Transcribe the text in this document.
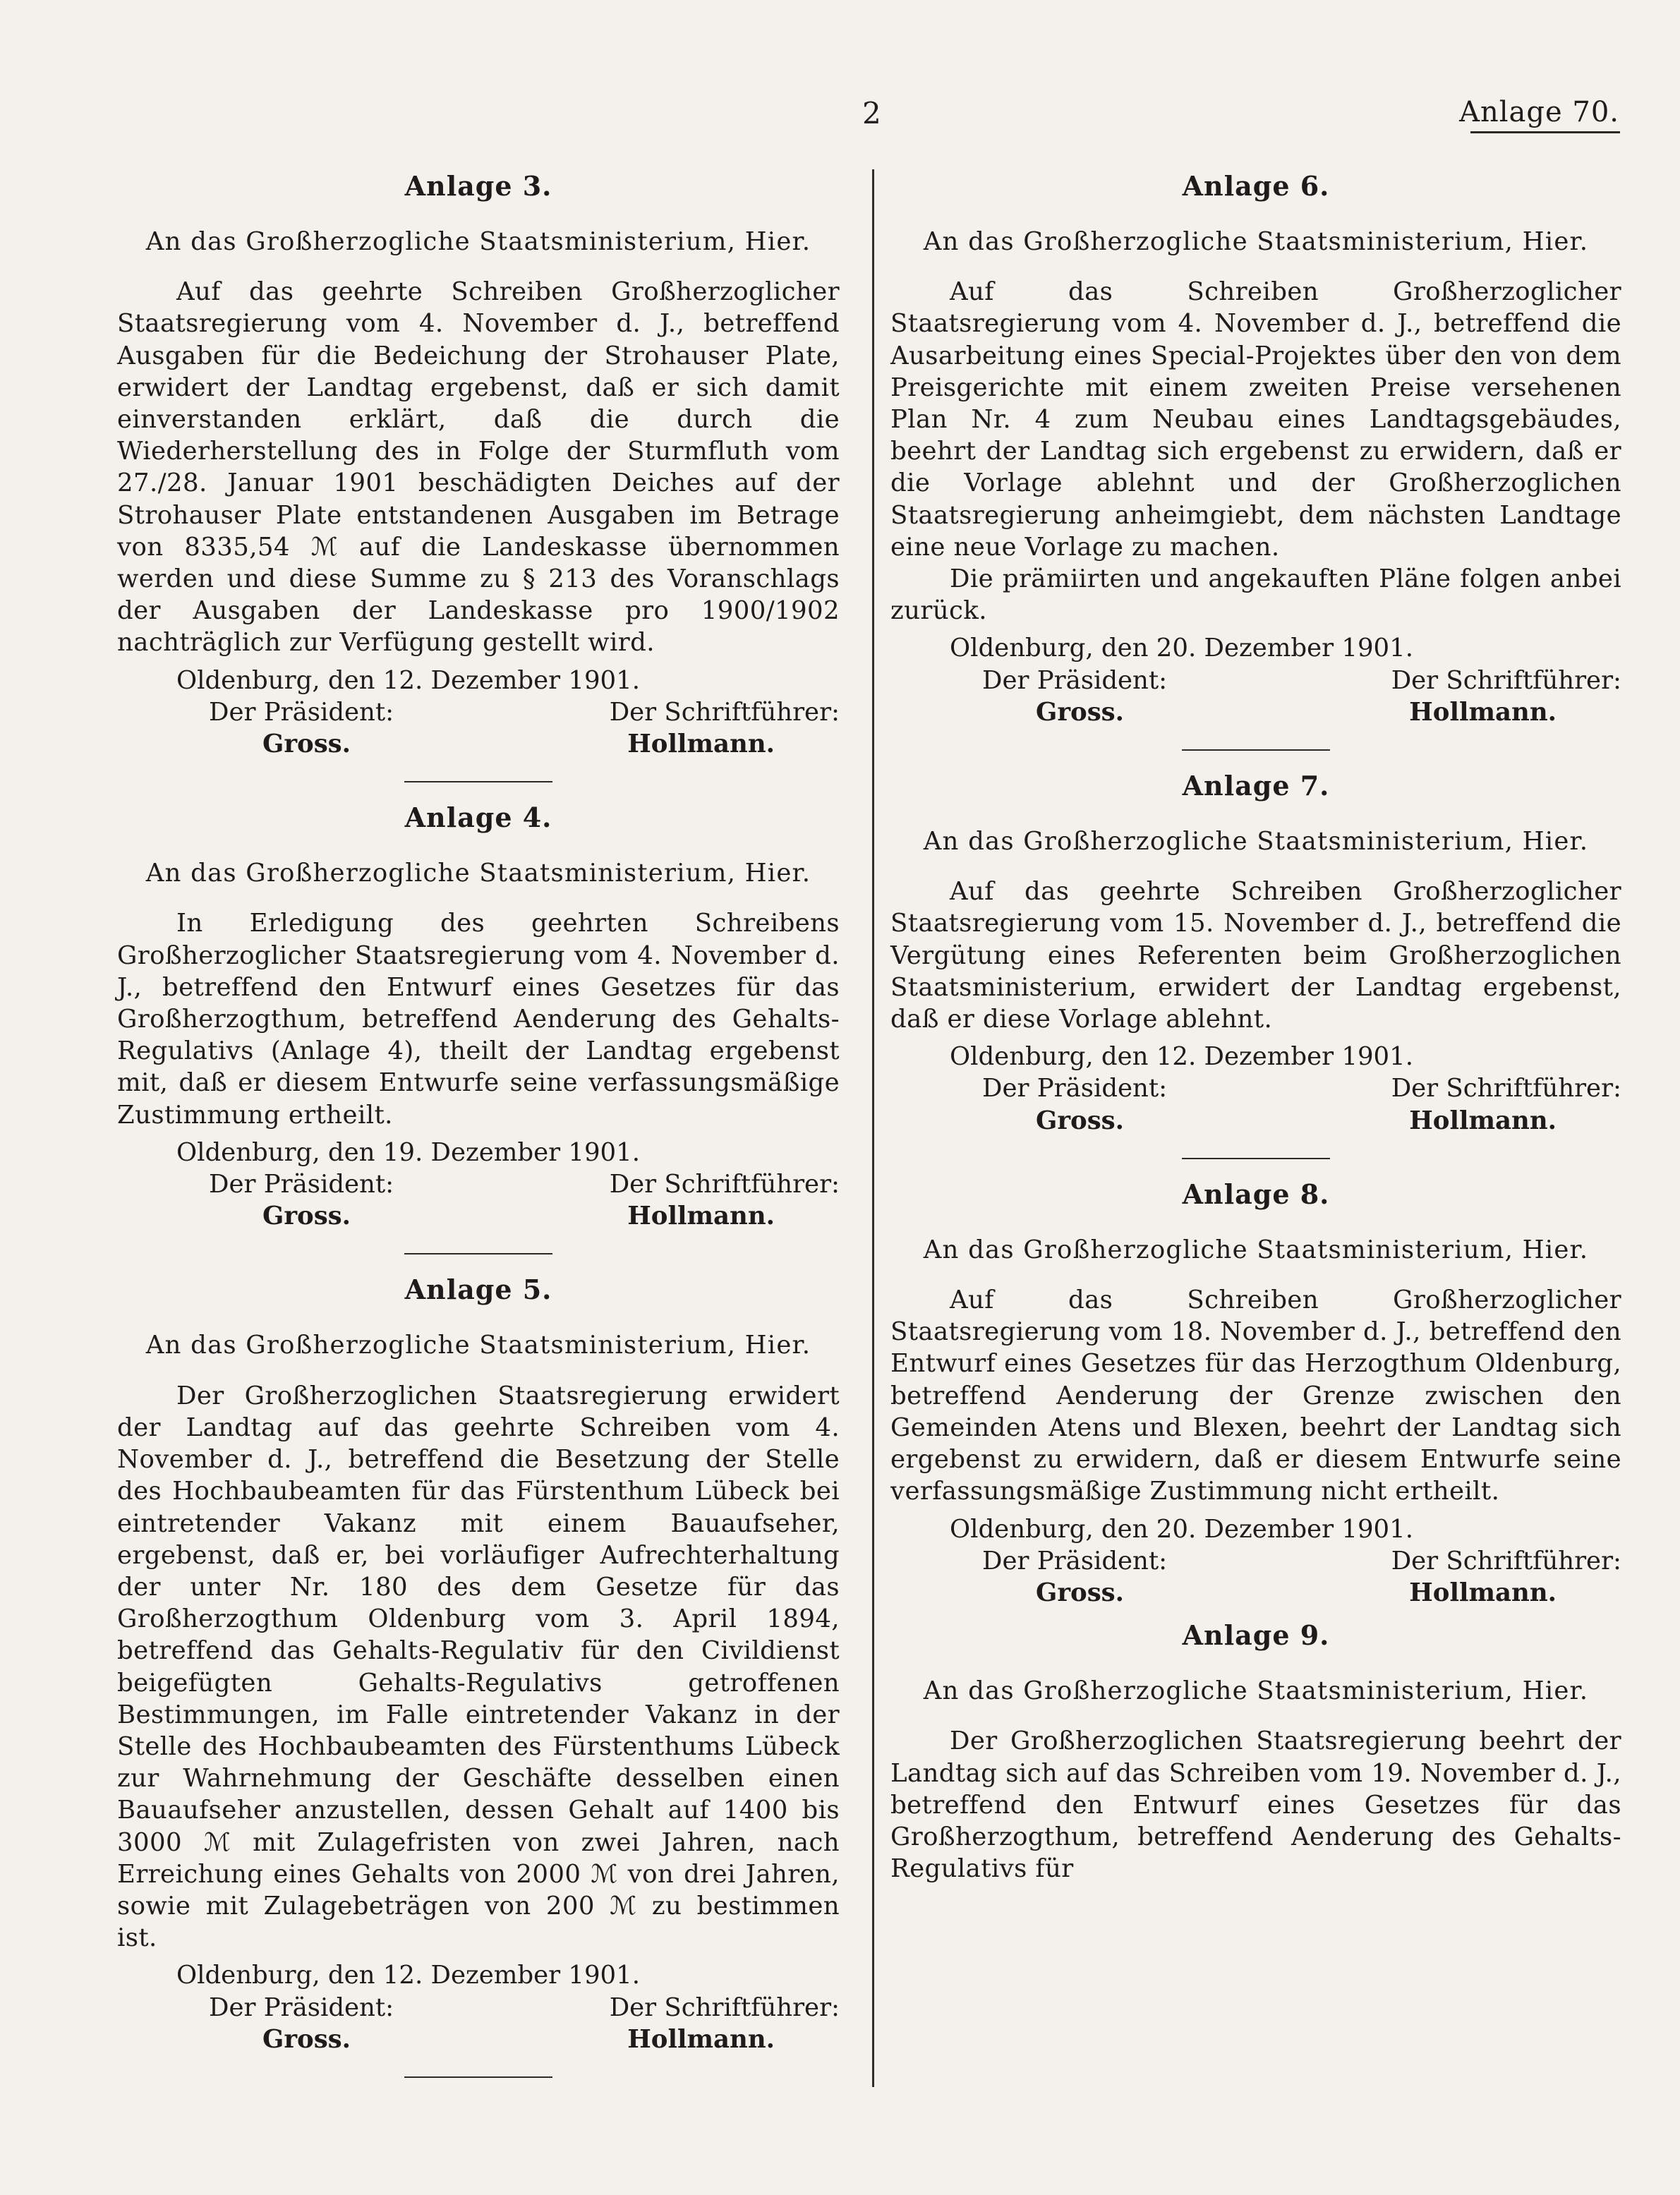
2	Anlage 70.
Anlage 3.

An das Großherzogliche Staatsministerium, Hier.

Auf das geehrte Schreiben Großherzoglicher Staatsregierung vom 4. November d. J., betreffend Ausgaben für die Bedeichung der Strohauser Plate, erwidert der Landtag ergebenst, daß er sich damit einverstanden erklärt, daß die durch die Wiederherstellung des in Folge der Sturmfluth vom 27./28. Januar 1901 beschädigten Deiches auf der Strohauser Plate entstandenen Ausgaben im Betrage von 8335,54 ℳ auf die Landeskasse übernommen werden und diese Summe zu § 213 des Voranschlags der Ausgaben der Landeskasse pro 1900/1902 nachträglich zur Verfügung gestellt wird.

Oldenburg, den 12. Dezember 1901.

Der Präsident:	Der Schriftführer:
Gross.	Hollmann.
Anlage 4.

An das Großherzogliche Staatsministerium, Hier.

In Erledigung des geehrten Schreibens Großherzoglicher Staatsregierung vom 4. November d. J., betreffend den Entwurf eines Gesetzes für das Großherzogthum, betreffend Aenderung des Gehalts-Regulativs (Anlage 4), theilt der Landtag ergebenst mit, daß er diesem Entwurfe seine verfassungsmäßige Zustimmung ertheilt.

Oldenburg, den 19. Dezember 1901.

Der Präsident:	Der Schriftführer:
Gross.	Hollmann.
Anlage 5.

An das Großherzogliche Staatsministerium, Hier.

Der Großherzoglichen Staatsregierung erwidert der Landtag auf das geehrte Schreiben vom 4. November d. J., betreffend die Besetzung der Stelle des Hochbaubeamten für das Fürstenthum Lübeck bei eintretender Vakanz mit einem Bauaufseher, ergebenst, daß er, bei vorläufiger Aufrechterhaltung der unter Nr. 180 des dem Gesetze für das Großherzogthum Oldenburg vom 3. April 1894, betreffend das Gehalts-Regulativ für den Civildienst beigefügten Gehalts-Regulativs getroffenen Bestimmungen, im Falle eintretender Vakanz in der Stelle des Hochbaubeamten des Fürstenthums Lübeck zur Wahrnehmung der Geschäfte desselben einen Bauaufseher anzustellen, dessen Gehalt auf 1400 bis 3000 ℳ mit Zulagefristen von zwei Jahren, nach Erreichung eines Gehalts von 2000 ℳ von drei Jahren, sowie mit Zulagebeträgen von 200 ℳ zu bestimmen ist.

Oldenburg, den 12. Dezember 1901.

Der Präsident:	Der Schriftführer:
Gross.	Hollmann.
Anlage 6.

An das Großherzogliche Staatsministerium, Hier.

Auf das Schreiben Großherzoglicher Staatsregierung vom 4. November d. J., betreffend die Ausarbeitung eines Special-Projektes über den von dem Preisgerichte mit einem zweiten Preise versehenen Plan Nr. 4 zum Neubau eines Landtagsgebäudes, beehrt der Landtag sich ergebenst zu erwidern, daß er die Vorlage ablehnt und der Großherzoglichen Staatsregierung anheimgiebt, dem nächsten Landtage eine neue Vorlage zu machen.

Die prämiirten und angekauften Pläne folgen anbei zurück.

Oldenburg, den 20. Dezember 1901.

Der Präsident:	Der Schriftführer:
Gross.	Hollmann.
Anlage 7.

An das Großherzogliche Staatsministerium, Hier.

Auf das geehrte Schreiben Großherzoglicher Staatsregierung vom 15. November d. J., betreffend die Vergütung eines Referenten beim Großherzoglichen Staatsministerium, erwidert der Landtag ergebenst, daß er diese Vorlage ablehnt.

Oldenburg, den 12. Dezember 1901.

Der Präsident:	Der Schriftführer:
Gross.	Hollmann.
Anlage 8.

An das Großherzogliche Staatsministerium, Hier.

Auf das Schreiben Großherzoglicher Staatsregierung vom 18. November d. J., betreffend den Entwurf eines Gesetzes für das Herzogthum Oldenburg, betreffend Aenderung der Grenze zwischen den Gemeinden Atens und Blexen, beehrt der Landtag sich ergebenst zu erwidern, daß er diesem Entwurfe seine verfassungsmäßige Zustimmung nicht ertheilt.

Oldenburg, den 20. Dezember 1901.

Der Präsident:	Der Schriftführer:
Gross.	Hollmann.
Anlage 9.

An das Großherzogliche Staatsministerium, Hier.

Der Großherzoglichen Staatsregierung beehrt der Landtag sich auf das Schreiben vom 19. November d. J., betreffend den Entwurf eines Gesetzes für das Großherzogthum, betreffend Aenderung des Gehalts-Regulativs für
